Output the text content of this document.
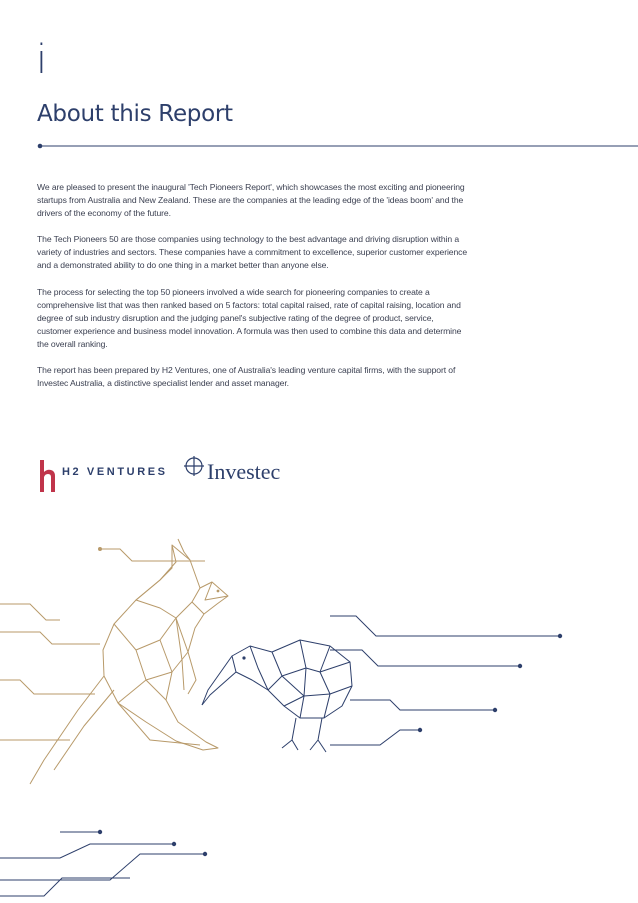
i
About this Report

We are pleased to present the inaugural 'Tech Pioneers Report', which showcases the most exciting and pioneering startups from Australia and New Zealand. These are the companies at the leading edge of the 'ideas boom' and the drivers of the economy of the future.

The Tech Pioneers 50 are those companies using technology to the best advantage and driving disruption within a variety of industries and sectors. These companies have a commitment to excellence, superior customer experience and a demonstrated ability to do one thing in a market better than anyone else.

The process for selecting the top 50 pioneers involved a wide search for pioneering companies to create a comprehensive list that was then ranked based on 5 factors: total capital raised, rate of capital raising, location and degree of sub industry disruption and the judging panel's subjective rating of the degree of product, service, customer experience and business model innovation. A formula was then used to combine this data and determine the overall ranking.

The report has been prepared by H2 Ventures, one of Australia's leading venture capital firms, with the support of Investec Australia, a distinctive specialist lender and asset manager.

H2 VENTURES Investec
